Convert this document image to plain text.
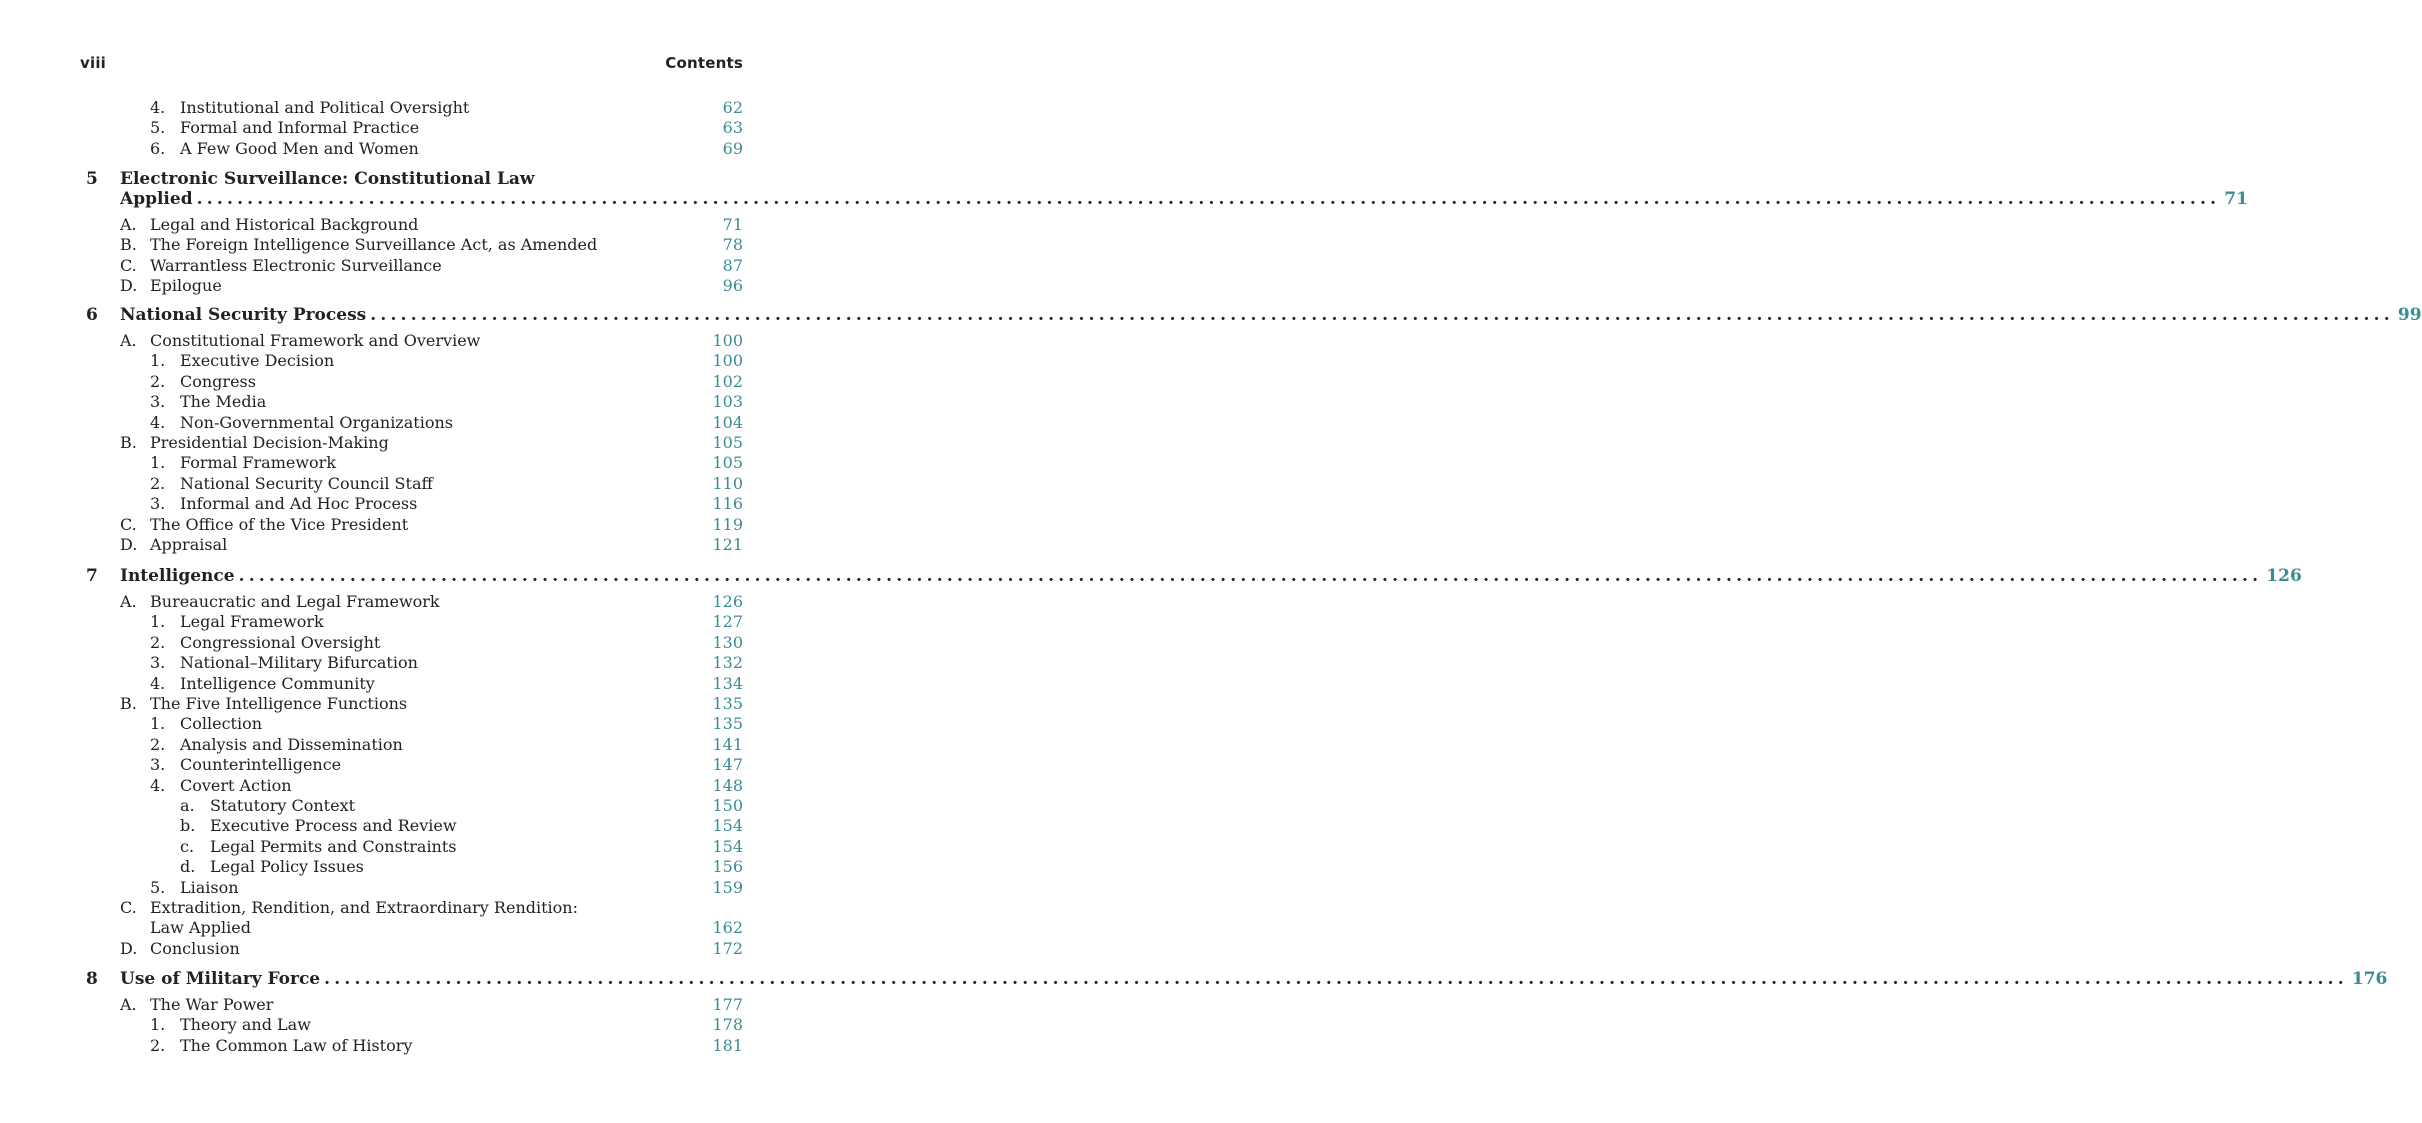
viii	Contents
4. Institutional and Political Oversight	62
5. Formal and Informal Practice	63
6. A Few Good Men and Women	69
5 Electronic Surveillance: Constitutional Law
Applied ........................................................................................................................................................................................................ 71
A. Legal and Historical Background	71
B. The Foreign Intelligence Surveillance Act, as Amended	78
C. Warrantless Electronic Surveillance	87
D. Epilogue	96
6 National Security Process ........................................................................................................................................................................................................ 99
A. Constitutional Framework and Overview	100
1. Executive Decision	100
2. Congress	102
3. The Media	103
4. Non-Governmental Organizations	104
B. Presidential Decision-Making	105
1. Formal Framework	105
2. National Security Council Staff	110
3. Informal and Ad Hoc Process	116
C. The Office of the Vice President	119
D. Appraisal	121
7 Intelligence ........................................................................................................................................................................................................ 126
A. Bureaucratic and Legal Framework	126
1. Legal Framework	127
2. Congressional Oversight	130
3. National–Military Bifurcation	132
4. Intelligence Community	134
B. The Five Intelligence Functions	135
1. Collection	135
2. Analysis and Dissemination	141
3. Counterintelligence	147
4. Covert Action	148
a. Statutory Context	150
b. Executive Process and Review	154
c. Legal Permits and Constraints	154
d. Legal Policy Issues	156
5. Liaison	159
C. Extradition, Rendition, and Extraordinary Rendition:
Law Applied	162
D. Conclusion	172
8 Use of Military Force ........................................................................................................................................................................................................ 176
A. The War Power	177
1. Theory and Law	178
2. The Common Law of History	181
